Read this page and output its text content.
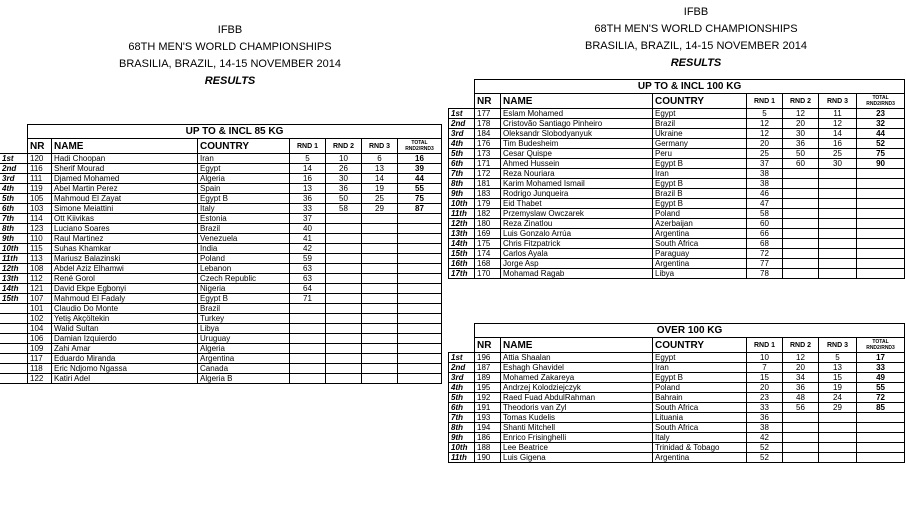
IFBB
68TH MEN'S WORLD CHAMPIONSHIPS
BRASILIA, BRAZIL, 14-15 NOVEMBER 2014
RESULTS
IFBB
68TH MEN'S WORLD CHAMPIONSHIPS
BRASILIA, BRAZIL, 14-15 NOVEMBER 2014
RESULTS
	UP TO & INCL 85 KG						
	NR	NAME	COUNTRY	RND 1	RND 2	RND 3	TOTAL RND2/RND3
1st	120	Hadi Choopan	Iran	5	10	6	16
2nd	116	Sherif Mourad	Egypt	14	26	13	39
3rd	111	Djamed Mohamed	Algeria	16	30	14	44
4th	119	Abel Martin Perez	Spain	13	36	19	55
5th	105	Mahmoud El Zayat	Egypt B	36	50	25	75
6th	103	Simone Meiattini	Italy	33	58	29	87
7th	114	Ott Kiivikas	Estonia	37			
8th	123	Luciano Soares	Brazil	40			
9th	110	Raul Martinez	Venezuela	41			
10th	115	Suhas Khamkar	India	42			
11th	113	Mariusz Balazinski	Poland	59			
12th	108	Abdel Aziz Elhamwi	Lebanon	63			
13th	112	René Gorol	Czech Republic	63			
14th	121	David Ekpe Egbonyi	Nigeria	64			
15th	107	Mahmoud El Fadaly	Egypt B	71			
	101	Claudio Do Monte	Brazil				
	102	Yetiş Akçöltekin	Turkey				
	104	Walid Sultan	Libya				
	106	Damian Izquierdo	Uruguay				
	109	Zahi Amar	Algeria				
	117	Eduardo Miranda	Argentina				
	118	Eric Ndjomo Ngassa	Canada				
	122	Katiri Adel	Algeria B				
	UP TO & INCL 100 KG						
	NR	NAME	COUNTRY	RND 1	RND 2	RND 3	TOTAL RND2/RND3
1st	177	Eslam Mohamed	Egypt	5	12	11	23
2nd	178	Cristovão Santiago Pinheiro	Brazil	12	20	12	32
3rd	184	Oleksandr Slobodyanyuk	Ukraine	12	30	14	44
4th	176	Tim Budesheim	Germany	20	36	16	52
5th	173	Cesar Quispe	Peru	25	50	25	75
6th	171	Ahmed Hussein	Egypt B	37	60	30	90
7th	172	Reza Nouriara	Iran	38			
8th	181	Karim Mohamed Ismail	Egypt B	38			
9th	183	Rodrigo Junqueira	Brazil B	46			
10th	179	Eid Thabet	Egypt B	47			
11th	182	Przemyslaw Owczarek	Poland	58			
12th	180	Reza Zinatlou	Azerbaijan	60			
13th	169	Luis Gonzalo Arrúa	Argentina	66			
14th	175	Chris Fitzpatrick	South Africa	68			
15th	174	Carlos Ayala	Paraguay	72			
16th	168	Jorge Asp	Argentina	77			
17th	170	Mohamad Ragab	Libya	78			
	OVER 100 KG						
	NR	NAME	COUNTRY	RND 1	RND 2	RND 3	TOTAL RND2/RND3
1st	196	Attia Shaalan	Egypt	10	12	5	17
2nd	187	Eshagh Ghavidel	Iran	7	20	13	33
3rd	189	Mohamed Zakareya	Egypt B	15	34	15	49
4th	195	Andrzej Kolodziejczyk	Poland	20	36	19	55
5th	192	Raed Fuad AbdulRahman	Bahrain	23	48	24	72
6th	191	Theodoris van Zyl	South Africa	33	56	29	85
7th	193	Tomas Kudelis	Lituania	36			
8th	194	Shanti Mitchell	South Africa	38			
9th	186	Enrico Frisinghelli	Italy	42			
10th	188	Lee Beatrice	Trinidad & Tobago	52			
11th	190	Luis Gigena	Argentina	52			
